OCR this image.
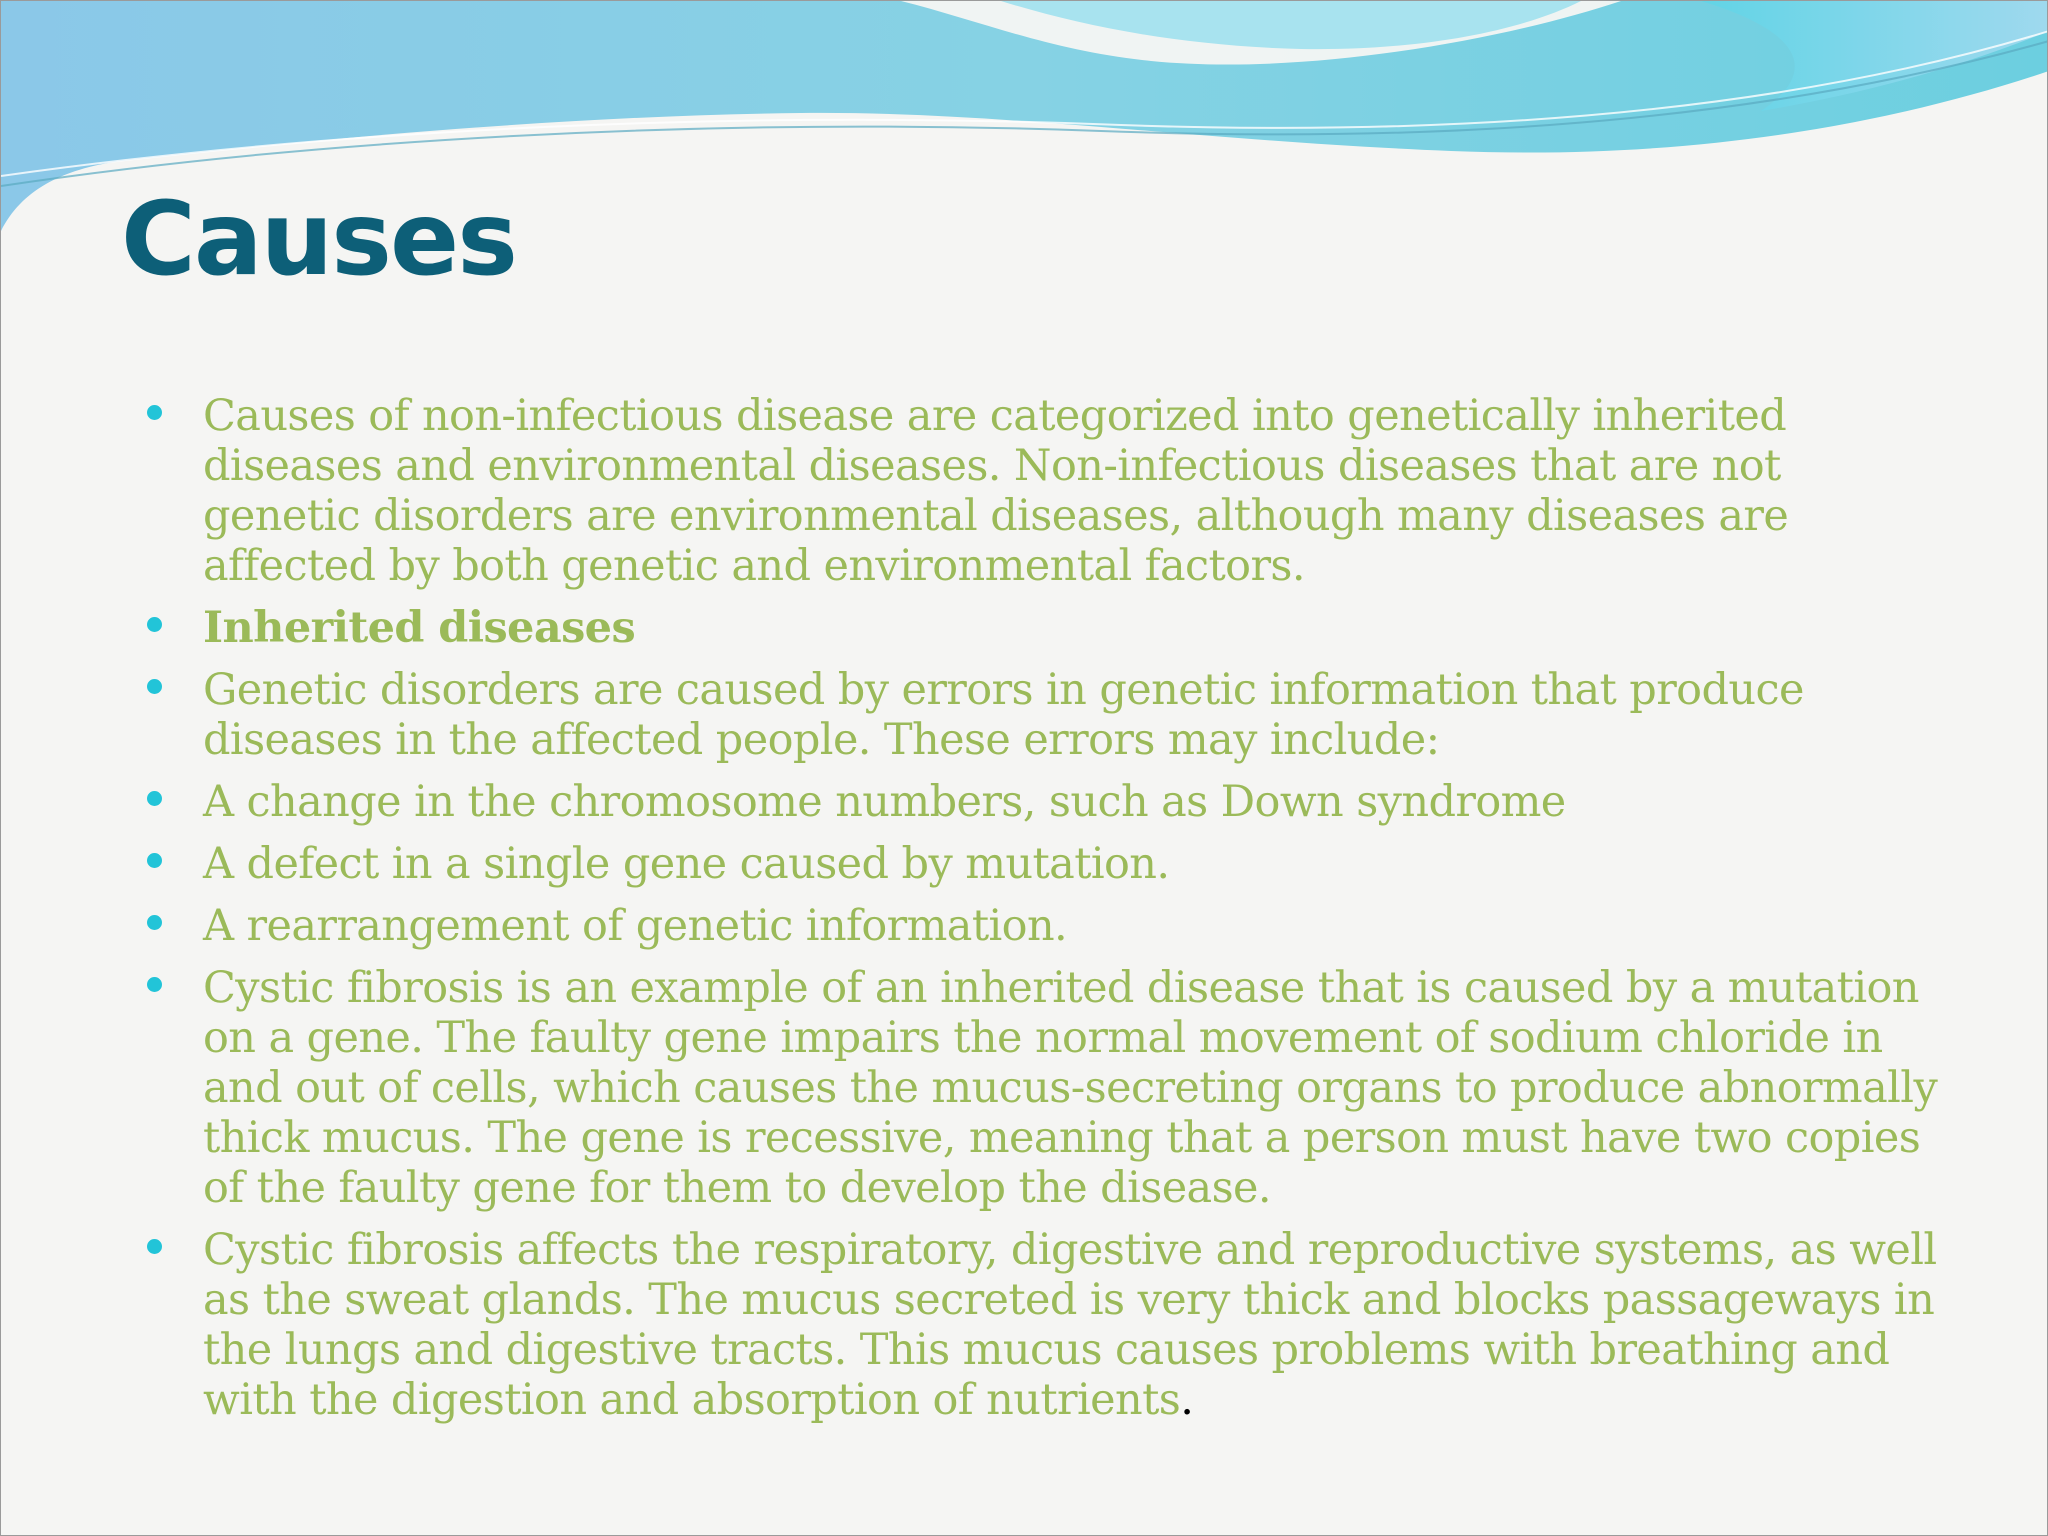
Causes
Causes of non-infectious disease are categorized into genetically inherited diseases and environmental diseases. Non-infectious diseases that are not genetic disorders are environmental diseases, although many diseases are affected by both genetic and environmental factors.
Inherited diseases
Genetic disorders are caused by errors in genetic information that produce diseases in the affected people. These errors may include:
A change in the chromosome numbers, such as Down syndrome
A defect in a single gene caused by mutation.
A rearrangement of genetic information.
Cystic fibrosis is an example of an inherited disease that is caused by a mutation on a gene. The faulty gene impairs the normal movement of sodium chloride in and out of cells, which causes the mucus-secreting organs to produce abnormally thick mucus. The gene is recessive, meaning that a person must have two copies of the faulty gene for them to develop the disease.
Cystic fibrosis affects the respiratory, digestive and reproductive systems, as well as the sweat glands. The mucus secreted is very thick and blocks passageways in the lungs and digestive tracts. This mucus causes problems with breathing and with the digestion and absorption of nutrients.
